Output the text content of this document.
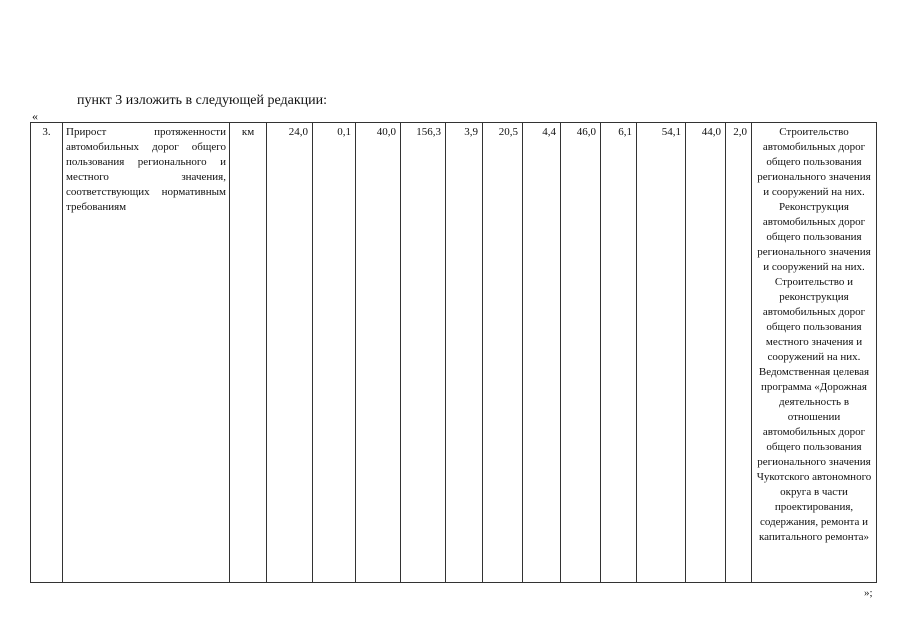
пункт 3 изложить в следующей редакции:
«
3.	Прирост протяженности автомобильных дорог общего пользования регионального и местного значения, соответствующих нормативным требованиям	км	24,0	0,1	40,0	156,3	3,9	20,5	4,4	46,0	6,1	54,1	44,0	2,0	Строительство автомобильных дорог общего пользования регионального значения и сооружений на них.
Реконструкция автомобильных дорог общего пользования регионального значения и сооружений на них.
Строительство и реконструкция автомобильных дорог общего пользования местного значения и сооружений на них.
Ведомственная целевая программа «Дорожная деятельность в отношении автомобильных дорог общего пользования регионального значения Чукотского автономного округа в части проектирования, содержания, ремонта и капитального ремонта»
»;
